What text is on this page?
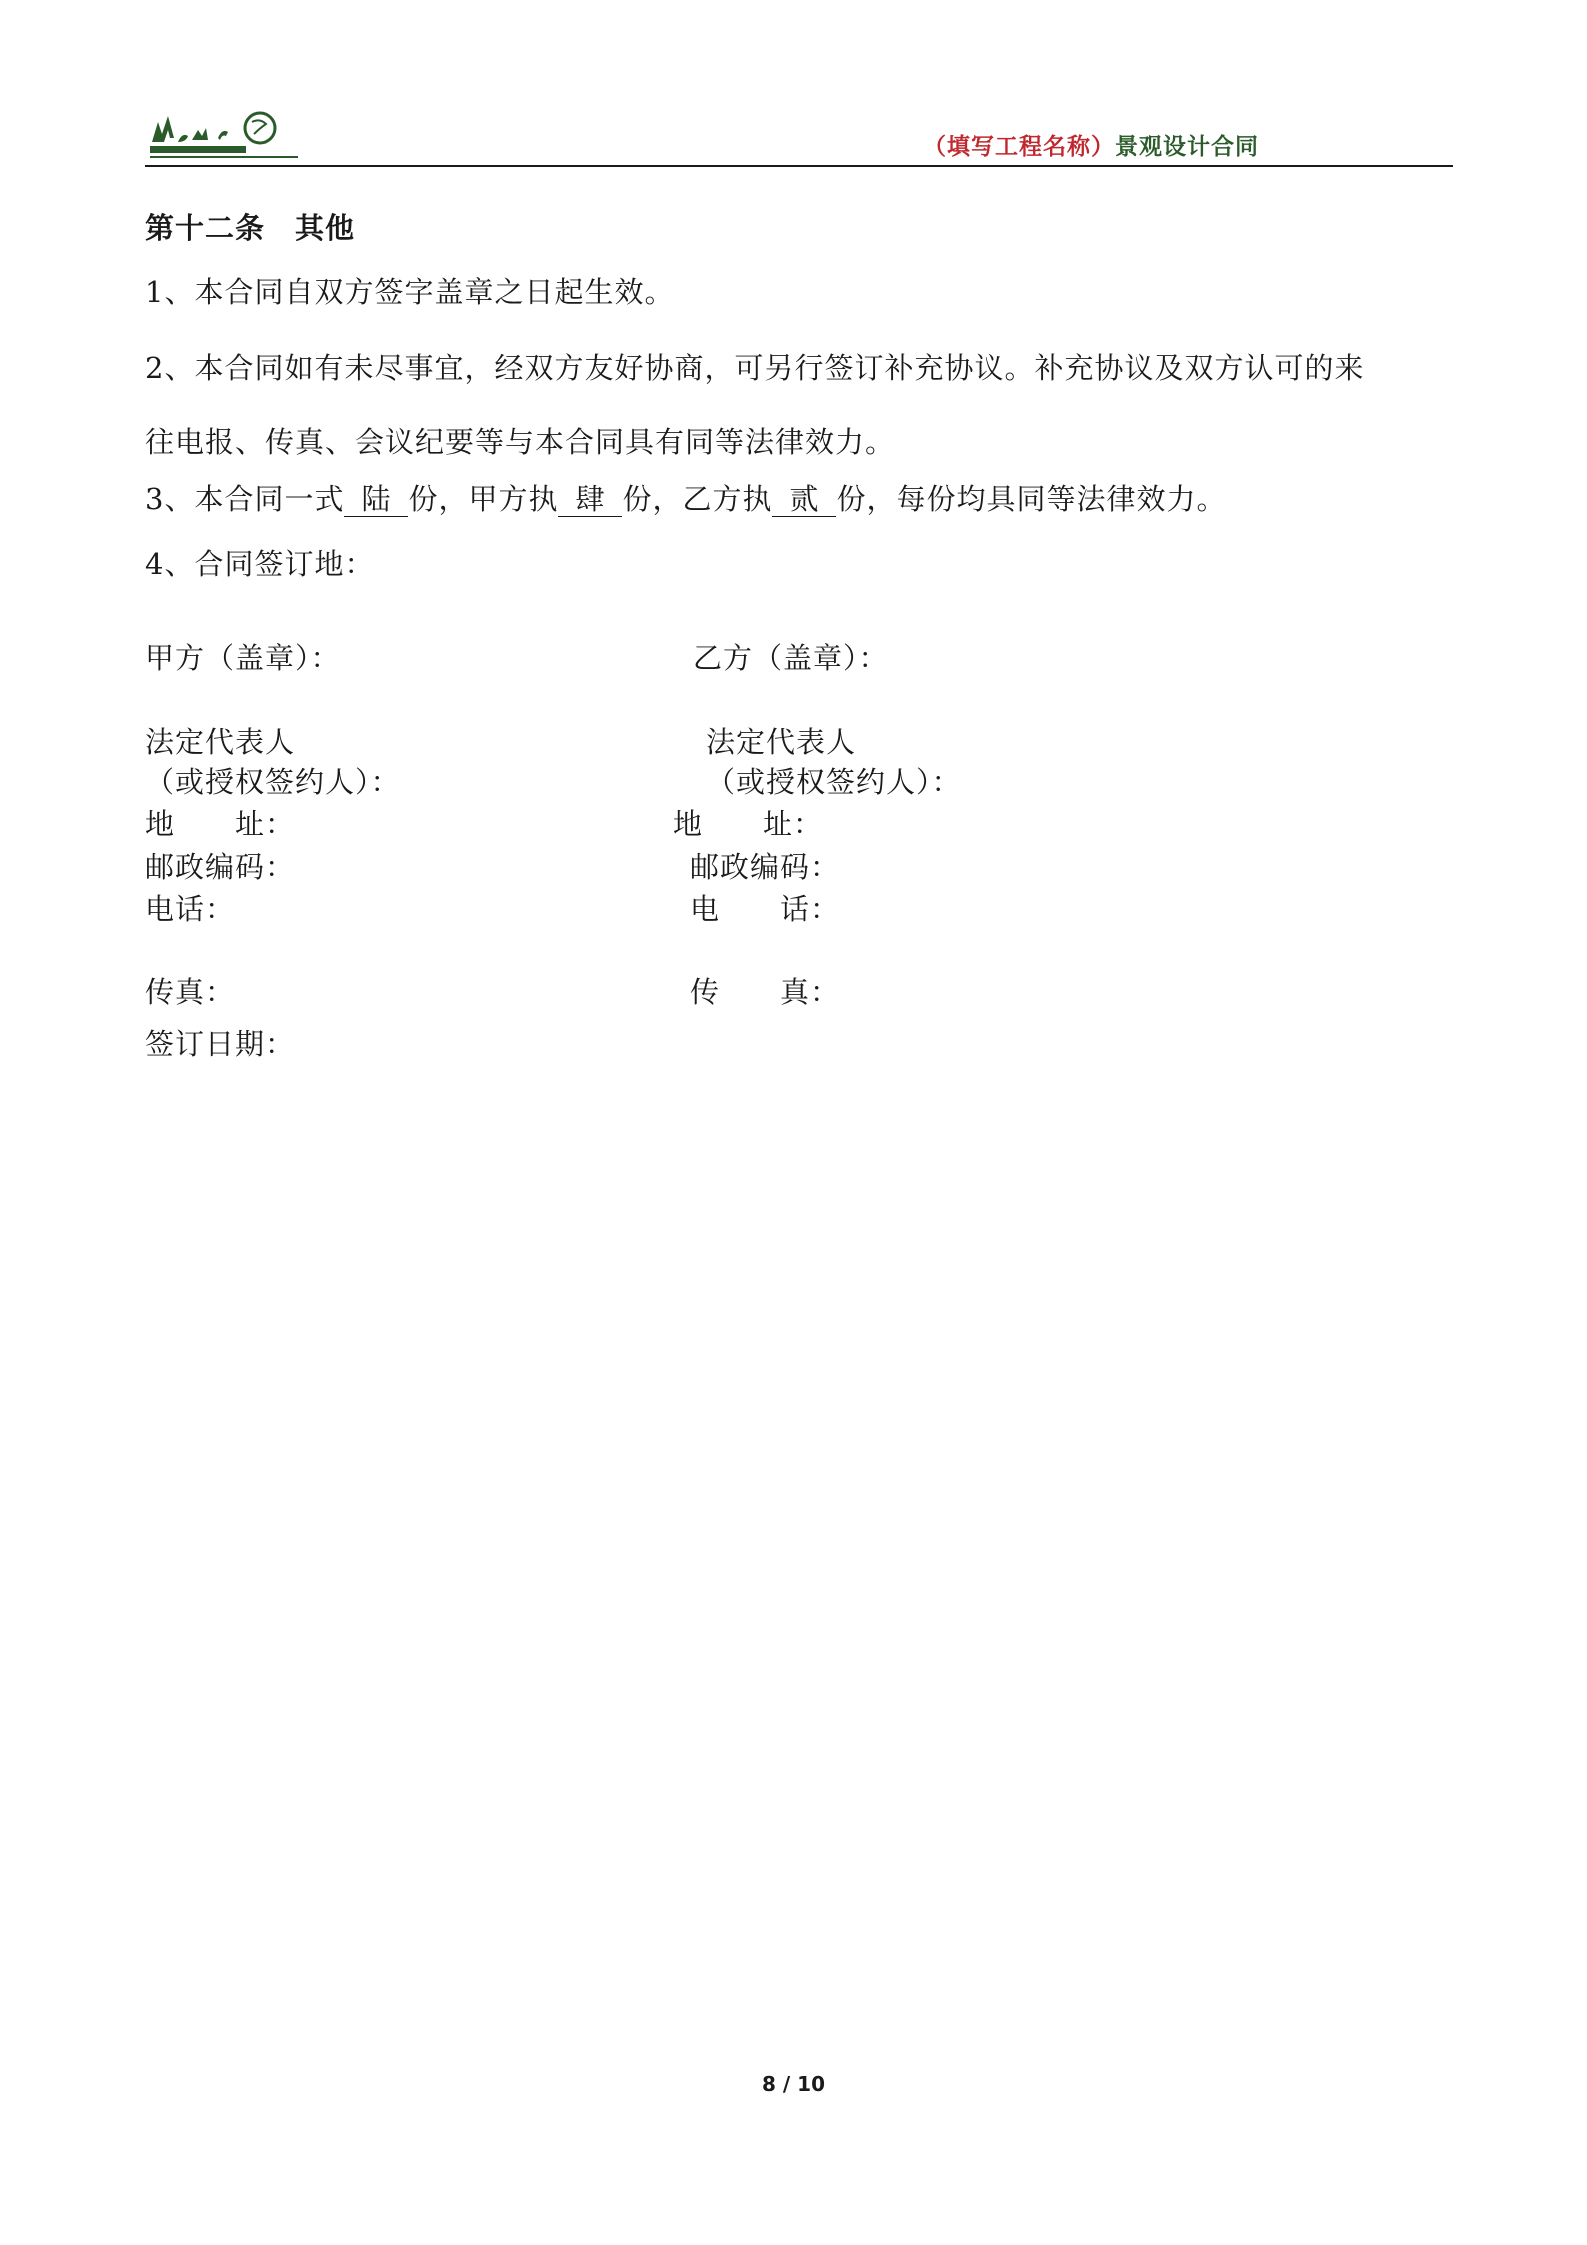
（填写工程名称）景观设计合同
第十二条　其他
1、本合同自双方签字盖章之日起生效。
2、本合同如有未尽事宜，经双方友好协商，可另行签订补充协议。补充协议及双方认可的来
往电报、传真、会议纪要等与本合同具有同等法律效力。
3、本合同一式 陆 份，甲方执 肆 份，乙方执 贰 份，每份均具同等法律效力。
4、合同签订地：
甲方（盖章）：
法定代表人
（或授权签约人）：
地　　址：
邮政编码：
电话：
传真：
签订日期：
乙方（盖章）：
法定代表人
（或授权签约人）：
地　　址：
邮政编码：
电　　话：
传　　真：
8 / 10
